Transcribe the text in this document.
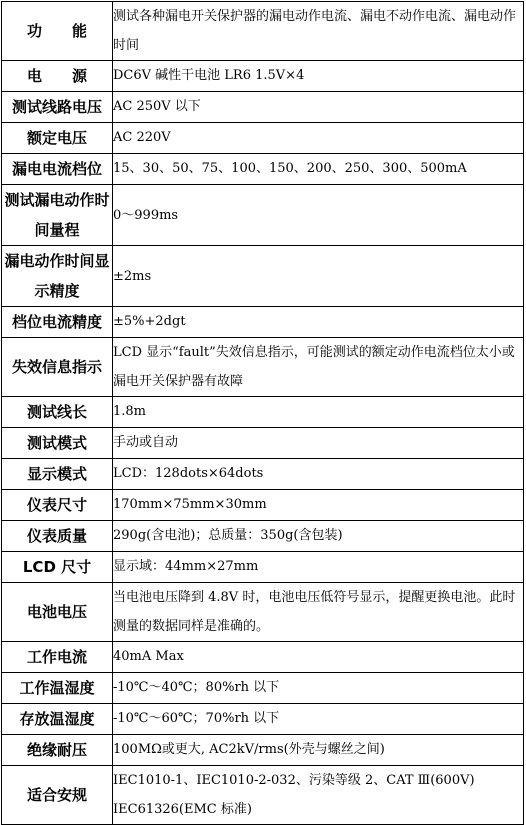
功　　能	测试各种漏电开关保护器的漏电动作电流、漏电不动作电流、漏电动作时间
电　　源	DC6V 碱性干电池 LR6 1.5V×4
测试线路电压	AC 250V 以下
额定电压	AC 220V
漏电电流档位	15、30、50、75、100、150、200、250、300、500mA
测试漏电动作时间量程	0～999ms
漏电动作时间显示精度	±2ms
档位电流精度	±5%+2dgt
失效信息指示	LCD 显示“fault”失效信息指示，可能测试的额定动作电流档位太小或漏电开关保护器有故障
测试线长	1.8m
测试模式	手动或自动
显示模式	LCD：128dots×64dots
仪表尺寸	170mm×75mm×30mm
仪表质量	290g(含电池)；总质量：350g(含包装)
LCD 尺寸	显示域：44mm×27mm
电池电压	当电池电压降到 4.8V 时，电池电压低符号显示，提醒更换电池。此时测量的数据同样是准确的。
工作电流	40mA Max
工作温湿度	-10℃～40℃；80%rh 以下
存放温湿度	-10℃～60℃；70%rh 以下
绝缘耐压	100MΩ或更大, AC2kV/rms(外壳与螺丝之间)
适合安规	IEC1010-1、IEC1010-2-032、污染等级 2、CAT Ⅲ(600V) IEC61326(EMC 标准)
